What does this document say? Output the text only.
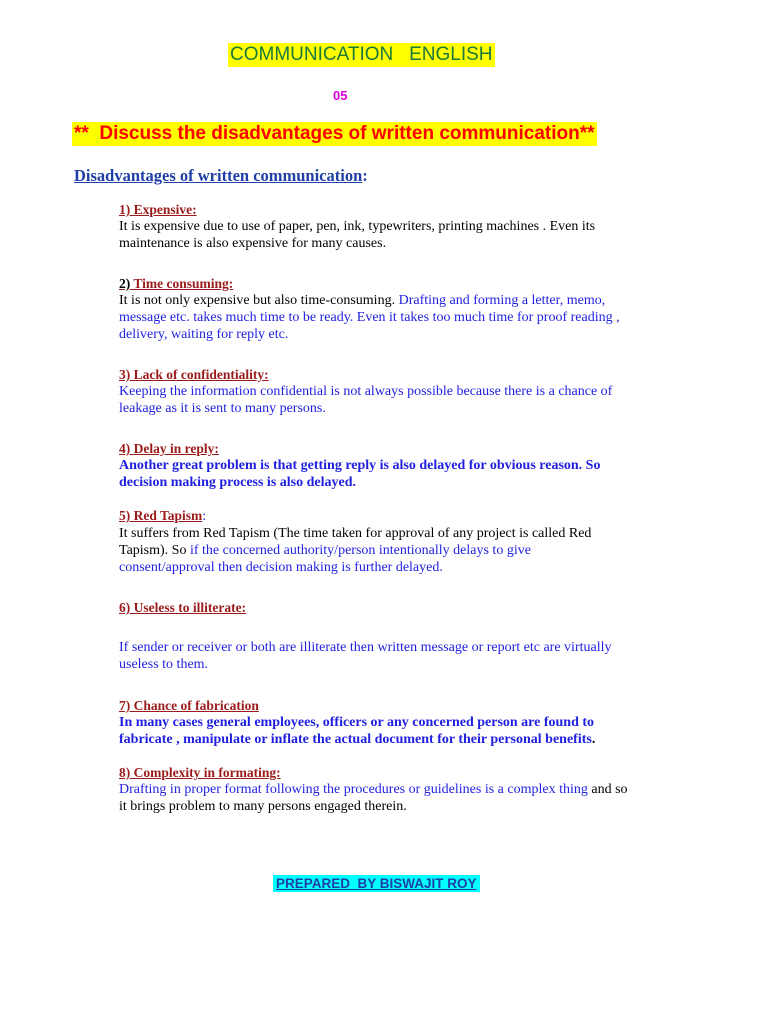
COMMUNICATION   ENGLISH
05
**  Discuss the disadvantages of written communication**
Disadvantages of written communication:
1) Expensive:
It is expensive due to use of paper, pen, ink, typewriters, printing machines . Even its
maintenance is also expensive for many causes.
2) Time consuming:
It is not only expensive but also time-consuming. Drafting and forming a letter, memo,
message etc. takes much time to be ready. Even it takes too much time for proof reading ,
delivery, waiting for reply etc.
3) Lack of confidentiality:
Keeping the information confidential is not always possible because there is a chance of
leakage as it is sent to many persons.
4) Delay in reply:
Another great problem is that getting reply is also delayed for obvious reason. So
decision making process is also delayed.
5) Red Tapism:
It suffers from Red Tapism (The time taken for approval of any project is called Red
Tapism). So if the concerned authority/person intentionally delays to give
consent/approval then decision making is further delayed.
6) Useless to illiterate:
If sender or receiver or both are illiterate then written message or report etc are virtually
useless to them.
7) Chance of fabrication
In many cases general employees, officers or any concerned person are found to
fabricate , manipulate or inflate the actual document for their personal benefits.
8) Complexity in formating:
Drafting in proper format following the procedures or guidelines is a complex thing and so
it brings problem to many persons engaged therein.
PREPARED  BY BISWAJIT ROY
